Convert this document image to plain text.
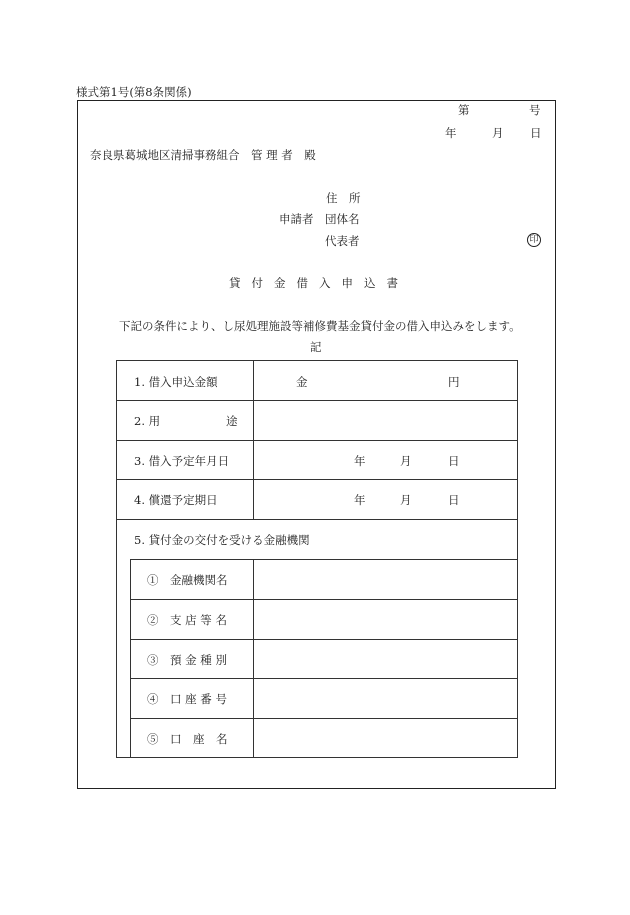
様式第1号(第8条関係)
第	号
年	月 日
奈良県葛城地区清掃事務組合　管 理 者　殿
住　所
申請者 団体名
代表者	印
貸付金借入申込書
下記の条件により、し尿処理施設等補修費基金貸付金の借入申込みをします。
記
1. 借入申込金額	金	円
2. 用	途
3. 借入予定年月日	年	月	日
4. 償還予定期日	年	月	日
5. 貸付金の交付を受ける金融機関
①　金融機関名
②　支 店 等 名
③　預 金 種 別
④　口 座 番 号
⑤　口　座　名
